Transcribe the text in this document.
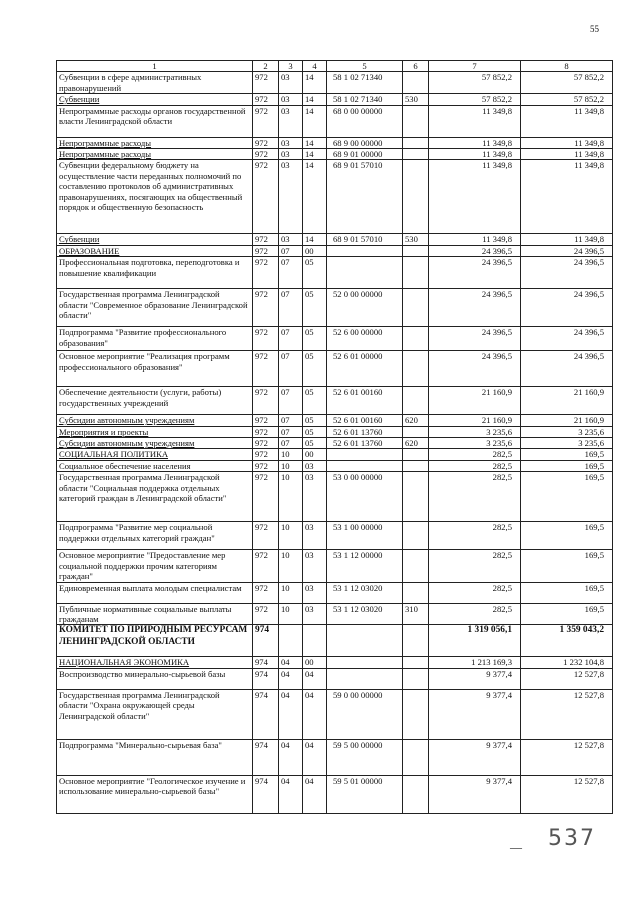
55
1	2	3	4	5	6	7	8
Субвенции в сфере административных правонарушений	972	03	14	58 1 02 71340		57 852,2	57 852,2
Субвенции	972	03	14	58 1 02 71340	530	57 852,2	57 852,2
Непрограммные расходы органов государственной власти Ленинградской области	972	03	14	68 0 00 00000		11 349,8	11 349,8
Непрограммные расходы	972	03	14	68 9 00 00000		11 349,8	11 349,8
Непрограммные расходы	972	03	14	68 9 01 00000		11 349,8	11 349,8
Субвенции федеральному бюджету на осуществление части переданных полномочий по составлению протоколов об административных правонарушениях, посягающих на общественный порядок и общественную безопасность	972	03	14	68 9 01 57010		11 349,8	11 349,8
Субвенции	972	03	14	68 9 01 57010	530	11 349,8	11 349,8
ОБРАЗОВАНИЕ	972	07	00			24 396,5	24 396,5
Профессиональная подготовка, переподготовка и повышение квалификации	972	07	05			24 396,5	24 396,5
Государственная программа Ленинградской области "Современное образование Ленинградской области"	972	07	05	52 0 00 00000		24 396,5	24 396,5
Подпрограмма "Развитие профессионального образования"	972	07	05	52 6 00 00000		24 396,5	24 396,5
Основное мероприятие "Реализация программ профессионального образования"	972	07	05	52 6 01 00000		24 396,5	24 396,5
Обеспечение деятельности (услуги, работы) государственных учреждений	972	07	05	52 6 01 00160		21 160,9	21 160,9
Субсидии автономным учреждениям	972	07	05	52 6 01 00160	620	21 160,9	21 160,9
Мероприятия и проекты	972	07	05	52 6 01 13760		3 235,6	3 235,6
Субсидии автономным учреждениям	972	07	05	52 6 01 13760	620	3 235,6	3 235,6
СОЦИАЛЬНАЯ ПОЛИТИКА	972	10	00			282,5	169,5
Социальное обеспечение населения	972	10	03			282,5	169,5
Государственная программа Ленинградской области "Социальная поддержка отдельных категорий граждан в Ленинградской области"	972	10	03	53 0 00 00000		282,5	169,5
Подпрограмма "Развитие мер социальной поддержки отдельных категорий граждан"	972	10	03	53 1 00 00000		282,5	169,5
Основное мероприятие "Предоставление мер социальной поддержки прочим категориям граждан"	972	10	03	53 1 12 00000		282,5	169,5
Единовременная выплата молодым специалистам	972	10	03	53 1 12 03020		282,5	169,5
Публичные нормативные социальные выплаты гражданам	972	10	03	53 1 12 03020	310	282,5	169,5
КОМИТЕТ ПО ПРИРОДНЫМ РЕСУРСАМ ЛЕНИНГРАДСКОЙ ОБЛАСТИ	974					1 319 056,1	1 359 043,2
НАЦИОНАЛЬНАЯ ЭКОНОМИКА	974	04	00			1 213 169,3	1 232 104,8
Воспроизводство минерально-сырьевой базы	974	04	04			9 377,4	12 527,8
Государственная программа Ленинградской области "Охрана окружающей среды Ленинградской области"	974	04	04	59 0 00 00000		9 377,4	12 527,8
Подпрограмма "Минерально-сырьевая база"	974	04	04	59 5 00 00000		9 377,4	12 527,8
Основное мероприятие "Геологическое изучение и использование минерально-сырьевой базы"	974	04	04	59 5 01 00000		9 377,4	12 527,8
— 537
